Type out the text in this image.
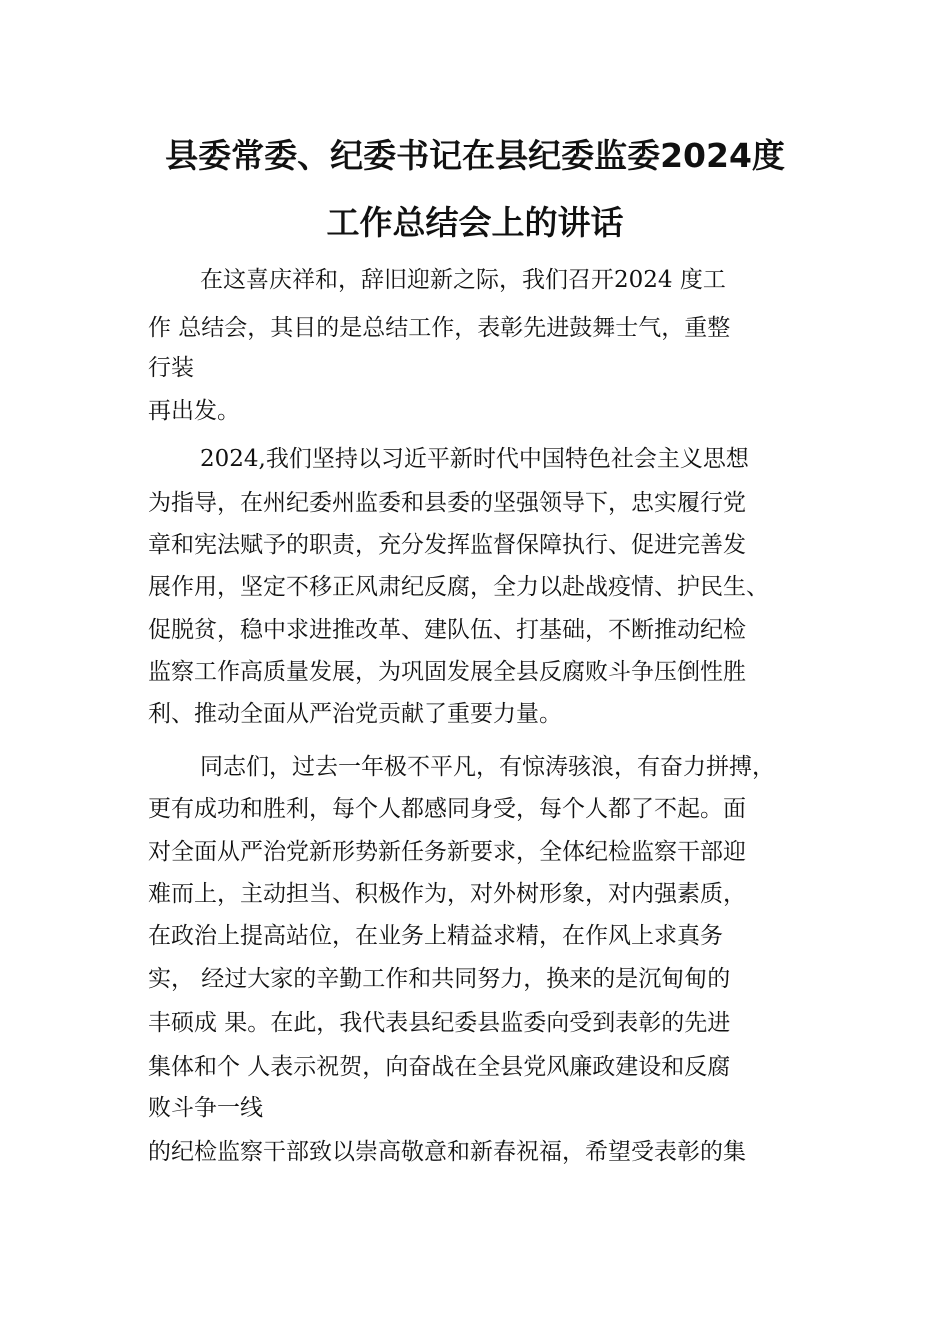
县委常委、纪委书记在县纪委监委2024度
工作总结会上的讲话
在这喜庆祥和，辞旧迎新之际，我们召开2024 度工
作 总结会，其目的是总结工作，表彰先进鼓舞士气，重整
行装
再出发。
2024,我们坚持以习近平新时代中国特色社会主义思想
为指导，在州纪委州监委和县委的坚强领导下，忠实履行党
章和宪法赋予的职责，充分发挥监督保障执行、促进完善发
展作用，坚定不移正风肃纪反腐，全力以赴战疫情、护民生、
促脱贫，稳中求进推改革、建队伍、打基础，不断推动纪检
监察工作高质量发展，为巩固发展全县反腐败斗争压倒性胜
利、推动全面从严治党贡献了重要力量。
同志们，过去一年极不平凡，有惊涛骇浪，有奋力拼搏，
更有成功和胜利，每个人都感同身受，每个人都了不起。面
对全面从严治党新形势新任务新要求，全体纪检监察干部迎
难而上，主动担当、积极作为，对外树形象，对内强素质，
在政治上提高站位，在业务上精益求精，在作风上求真务
实， 经过大家的辛勤工作和共同努力，换来的是沉甸甸的
丰硕成 果。在此，我代表县纪委县监委向受到表彰的先进
集体和个 人表示祝贺，向奋战在全县党风廉政建设和反腐
败斗争一线
的纪检监察干部致以崇高敬意和新春祝福，希望受表彰的集
